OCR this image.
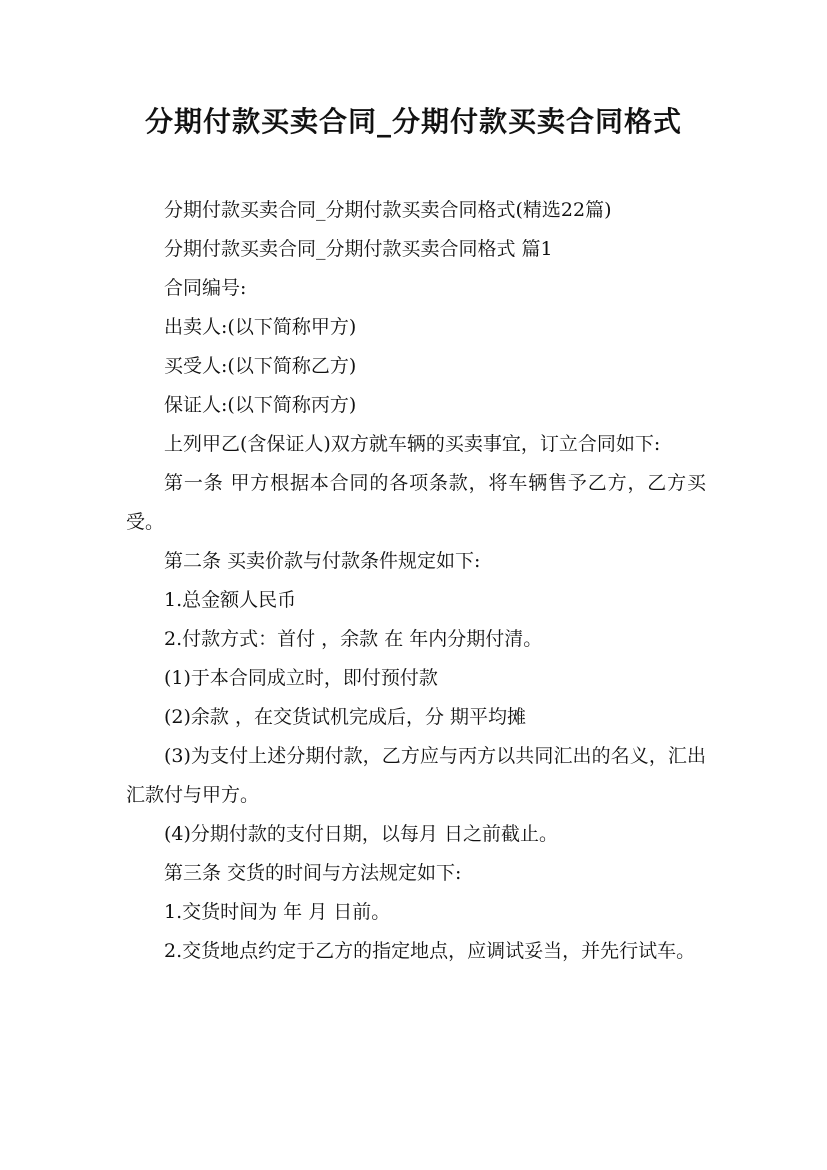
分期付款买卖合同_分期付款买卖合同格式

分期付款买卖合同_分期付款买卖合同格式(精选22篇)

分期付款买卖合同_分期付款买卖合同格式 篇1

合同编号:

出卖人:(以下简称甲方)

买受人:(以下简称乙方)

保证人:(以下简称丙方)

上列甲乙(含保证人)双方就车辆的买卖事宜，订立合同如下:

第一条 甲方根据本合同的各项条款，将车辆售予乙方，乙方买受。

第二条 买卖价款与付款条件规定如下:

1.总金额人民币

2.付款方式：首付 ，余款 在 年内分期付清。

(1)于本合同成立时，即付预付款

(2)余款 ，在交货试机完成后，分 期平均摊

(3)为支付上述分期付款，乙方应与丙方以共同汇出的名义，汇出汇款付与甲方。

(4)分期付款的支付日期，以每月 日之前截止。

第三条 交货的时间与方法规定如下:

1.交货时间为 年 月 日前。

2.交货地点约定于乙方的指定地点，应调试妥当，并先行试车。
